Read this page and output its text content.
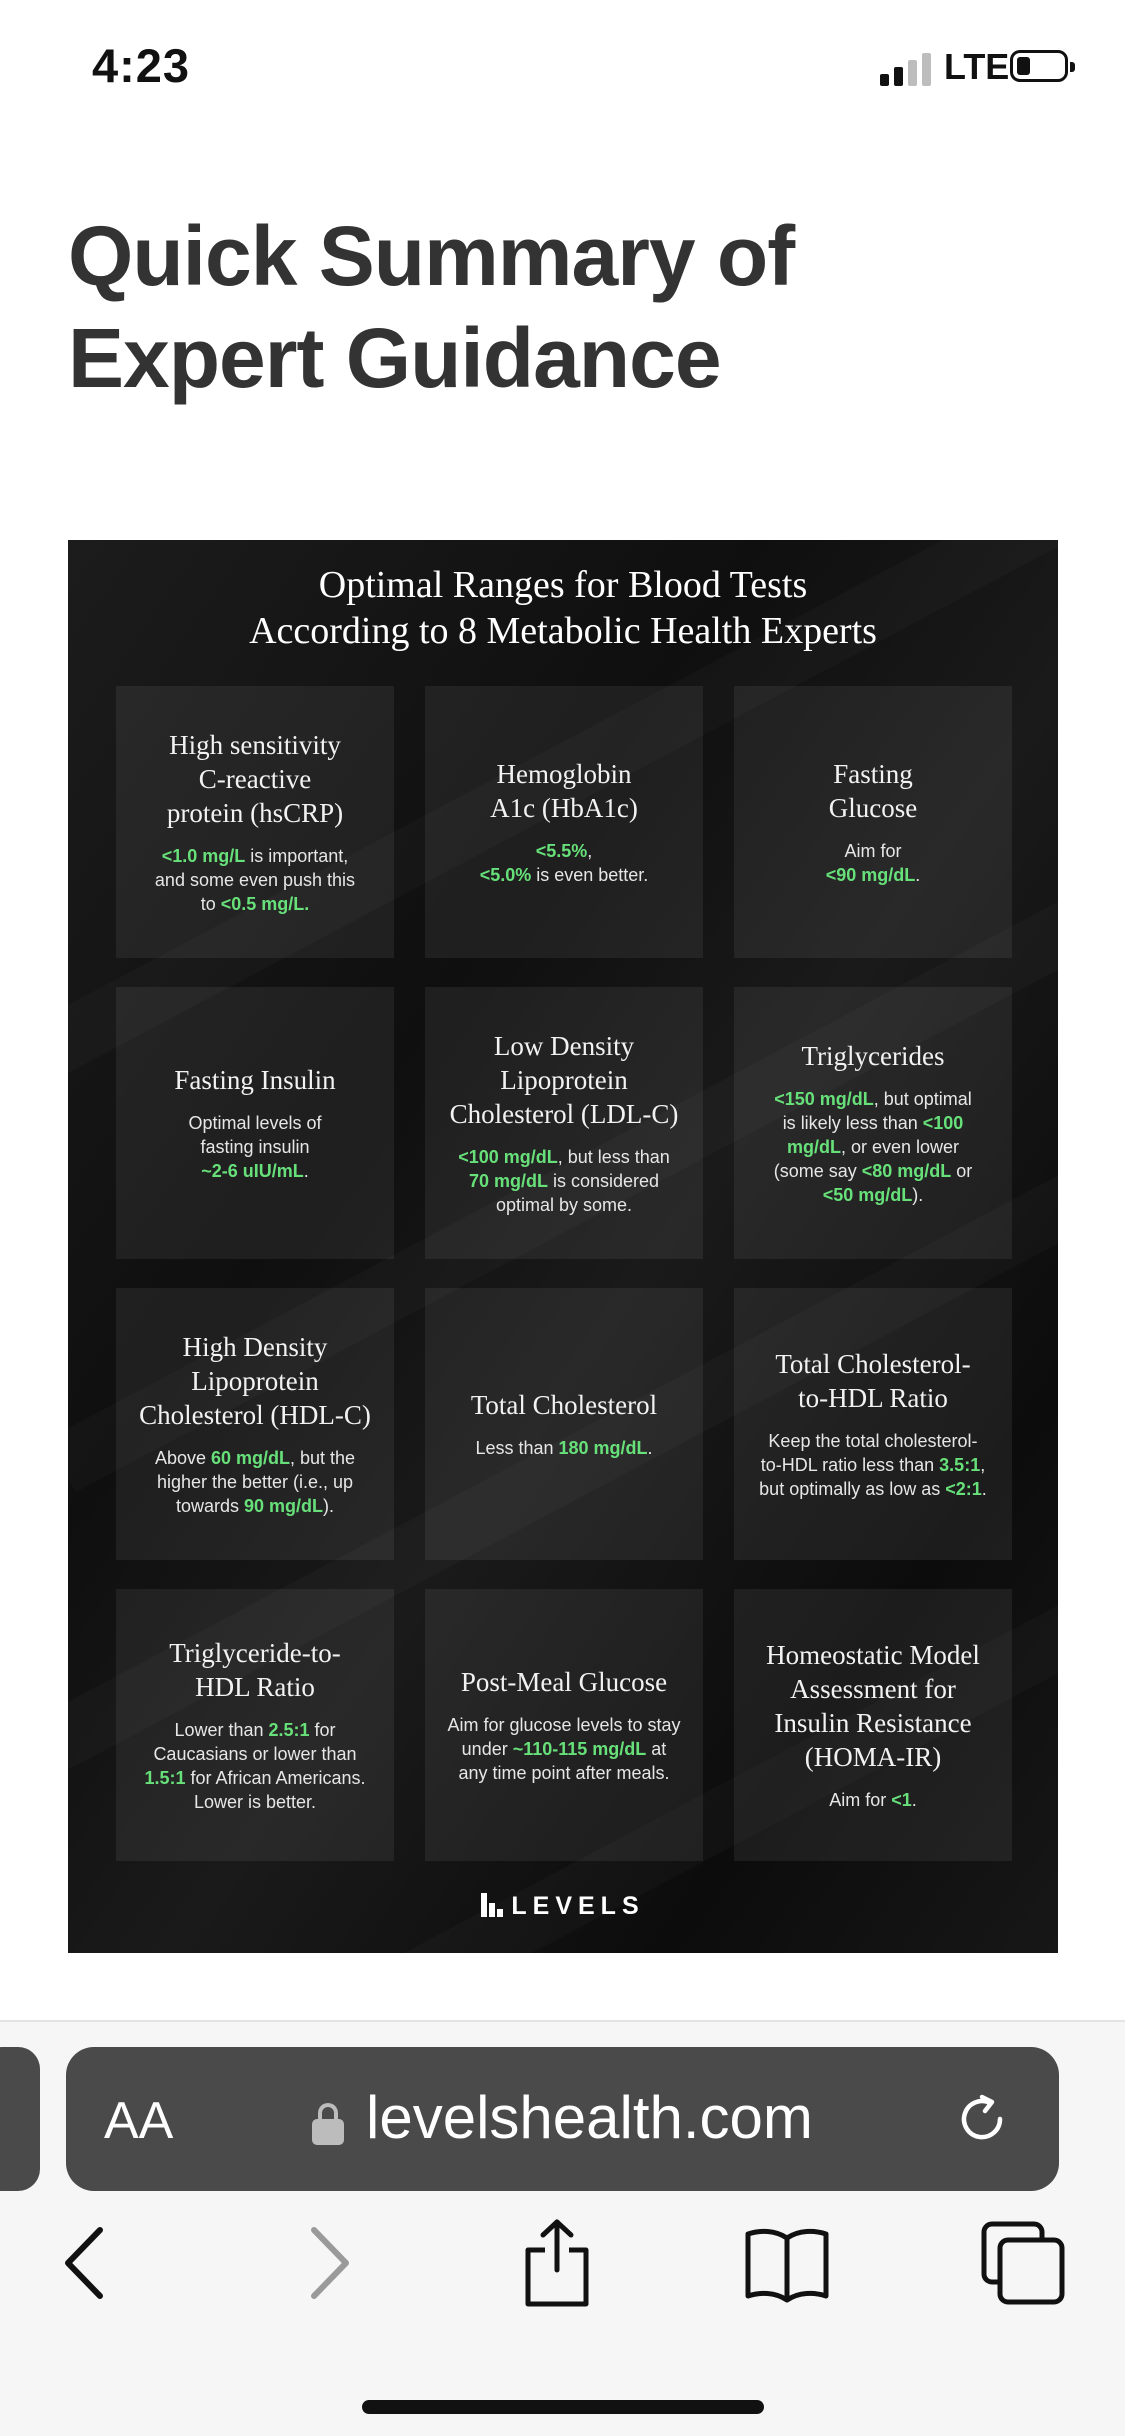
4:23	LTE
Quick Summary of
Expert Guidance
Optimal Ranges for Blood Tests
According to 8 Metabolic Health Experts
High sensitivity
C-reactive
protein (hsCRP)
<1.0 mg/L is important,
and some even push this
to <0.5 mg/L.
Hemoglobin
A1c (HbA1c)
<5.5%,
<5.0% is even better.
Fasting
Glucose
Aim for
<90 mg/dL.
Fasting Insulin
Optimal levels of
fasting insulin
~2-6 uIU/mL.
Low Density
Lipoprotein
Cholesterol (LDL-C)
<100 mg/dL, but less than
70 mg/dL is considered
optimal by some.
Triglycerides
<150 mg/dL, but optimal
is likely less than <100
mg/dL, or even lower
(some say <80 mg/dL or
<50 mg/dL).
High Density
Lipoprotein
Cholesterol (HDL-C)
Above 60 mg/dL, but the
higher the better (i.e., up
towards 90 mg/dL).
Total Cholesterol
Less than 180 mg/dL.
Total Cholesterol-
to-HDL Ratio
Keep the total cholesterol-
to-HDL ratio less than 3.5:1,
but optimally as low as <2:1.
Triglyceride-to-
HDL Ratio
Lower than 2.5:1 for
Caucasians or lower than
1.5:1 for African Americans.
Lower is better.
Post-Meal Glucose
Aim for glucose levels to stay
under ~110-115 mg/dL at
any time point after meals.
Homeostatic Model
Assessment for
Insulin Resistance
(HOMA-IR)
Aim for <1.
LEVELS
AA	levelshealth.com
